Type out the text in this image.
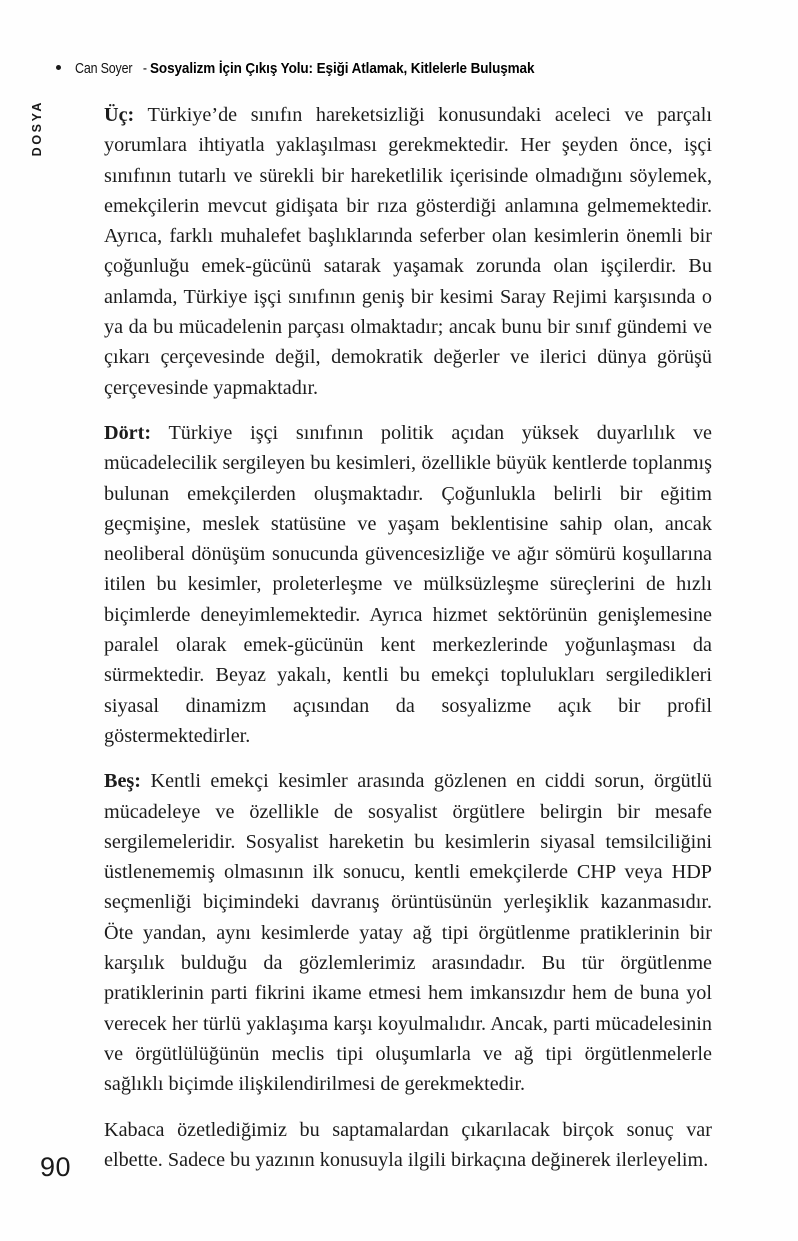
Can Soyer - Sosyalizm İçin Çıkış Yolu: Eşiği Atlamak, Kitlelerle Buluşmak
DOSYA	Üç: Türkiye’de sınıfın hareketsizliği konusundaki aceleci ve parçalı yorumlara ihtiyatla yaklaşılması gerekmektedir. Her şeyden önce, işçi sınıfının tutarlı ve sürekli bir hareketlilik içerisinde olmadığını söylemek, emekçilerin mevcut gidişata bir rıza gösterdiği anlamına gelmemektedir. Ayrıca, farklı muhalefet başlıklarında seferber olan kesimlerin önemli bir çoğunluğu emek-gücünü satarak yaşamak zorunda olan işçilerdir. Bu anlamda, Türkiye işçi sınıfının geniş bir kesimi Saray Rejimi karşısında o ya da bu mücadelenin parçası olmaktadır; ancak bunu bir sınıf gündemi ve çıkarı çerçevesinde değil, demokratik değerler ve ilerici dünya görüşü çerçevesinde yapmaktadır.

Dört: Türkiye işçi sınıfının politik açıdan yüksek duyarlılık ve mücadelecilik sergileyen bu kesimleri, özellikle büyük kentlerde toplanmış bulunan emekçilerden oluşmaktadır. Çoğunlukla belirli bir eğitim geçmişine, meslek statüsüne ve yaşam beklentisine sahip olan, ancak neoliberal dönüşüm sonucunda güvencesizliğe ve ağır sömürü koşullarına itilen bu kesimler, proleterleşme ve mülksüzleşme süreçlerini de hızlı biçimlerde deneyimlemektedir. Ayrıca hizmet sektörünün genişlemesine paralel olarak emek-gücünün kent merkezlerinde yoğunlaşması da sürmektedir. Beyaz yakalı, kentli bu emekçi toplulukları sergiledikleri siyasal dinamizm açısından da sosyalizme açık bir profil göstermektedirler.

Beş: Kentli emekçi kesimler arasında gözlenen en ciddi sorun, örgütlü mücadeleye ve özellikle de sosyalist örgütlere belirgin bir mesafe sergilemeleridir. Sosyalist hareketin bu kesimlerin siyasal temsilciliğini üstlenememiş olmasının ilk sonucu, kentli emekçilerde CHP veya HDP seçmenliği biçimindeki davranış örüntüsünün yerleşiklik kazanmasıdır. Öte yandan, aynı kesimlerde yatay ağ tipi örgütlenme pratiklerinin bir karşılık bulduğu da gözlemlerimiz arasındadır. Bu tür örgütlenme pratiklerinin parti fikrini ikame etmesi hem imkansızdır hem de buna yol verecek her türlü yaklaşıma karşı koyulmalıdır. Ancak, parti mücadelesinin ve örgütlülüğünün meclis tipi oluşumlarla ve ağ tipi örgütlenmelerle sağlıklı biçimde ilişkilendirilmesi de gerekmektedir.

Kabaca özetlediğimiz bu saptamalardan çıkarılacak birçok sonuç var elbette. Sadece bu yazının konusuyla ilgili birkaçına değinerek ilerleyelim.

90
